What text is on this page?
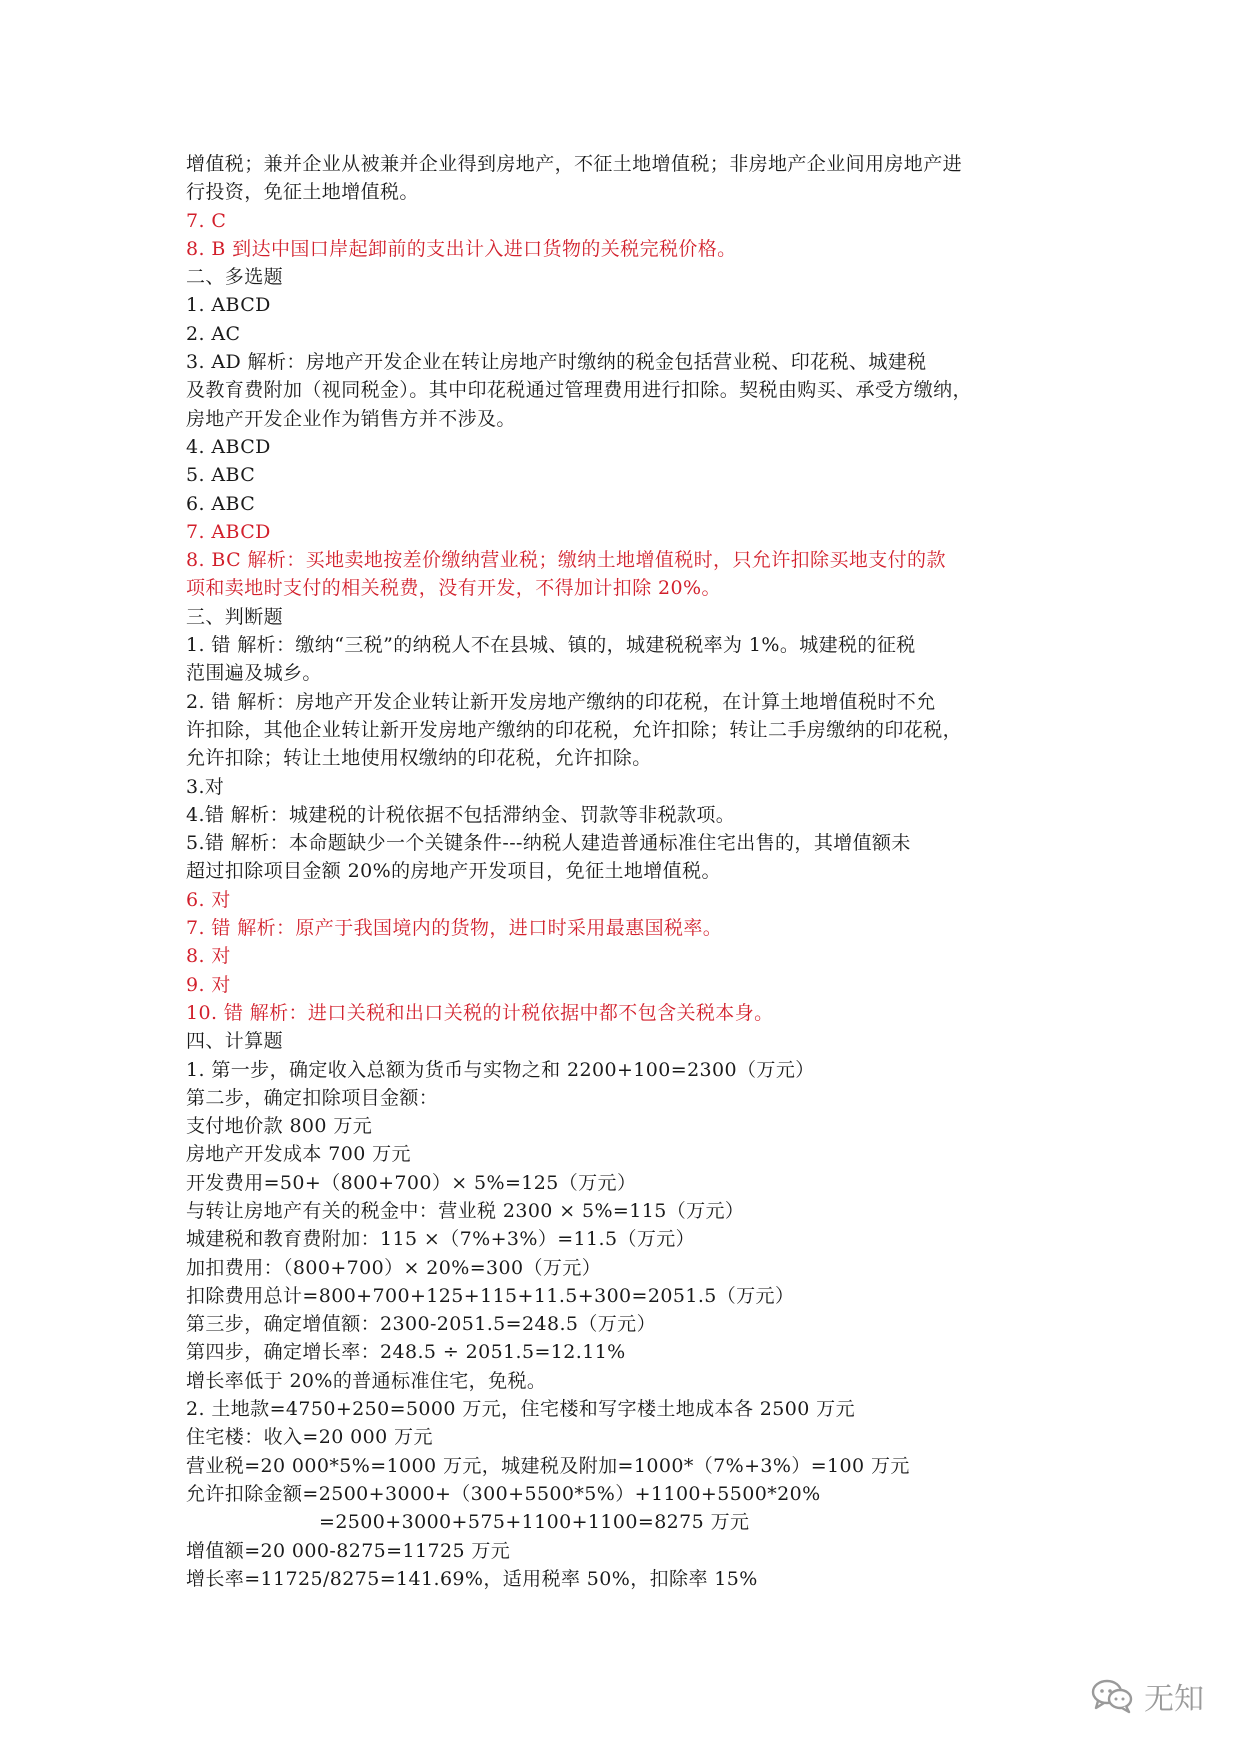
增值税；兼并企业从被兼并企业得到房地产，不征土地增值税；非房地产企业间用房地产进
行投资，免征土地增值税。
7. C
8. B 到达中国口岸起卸前的支出计入进口货物的关税完税价格。
二、多选题
1. ABCD
2. AC
3. AD 解析：房地产开发企业在转让房地产时缴纳的税金包括营业税、印花税、城建税
及教育费附加（视同税金）。其中印花税通过管理费用进行扣除。契税由购买、承受方缴纳，
房地产开发企业作为销售方并不涉及。
4. ABCD
5. ABC
6. ABC
7. ABCD
8. BC 解析：买地卖地按差价缴纳营业税；缴纳土地增值税时，只允许扣除买地支付的款
项和卖地时支付的相关税费，没有开发，不得加计扣除 20%。
三、判断题
1. 错 解析：缴纳“三税”的纳税人不在县城、镇的，城建税税率为 1%。城建税的征税
范围遍及城乡。
2. 错 解析：房地产开发企业转让新开发房地产缴纳的印花税，在计算土地增值税时不允
许扣除，其他企业转让新开发房地产缴纳的印花税，允许扣除；转让二手房缴纳的印花税，
允许扣除；转让土地使用权缴纳的印花税，允许扣除。
3.对
4.错 解析：城建税的计税依据不包括滞纳金、罚款等非税款项。
5.错 解析：本命题缺少一个关键条件---纳税人建造普通标准住宅出售的，其增值额未
超过扣除项目金额 20%的房地产开发项目，免征土地增值税。
6. 对
7. 错 解析：原产于我国境内的货物，进口时采用最惠国税率。
8. 对
9. 对
10. 错 解析：进口关税和出口关税的计税依据中都不包含关税本身。
四、计算题
1. 第一步，确定收入总额为货币与实物之和 2200+100=2300（万元）
第二步，确定扣除项目金额：
支付地价款 800 万元
房地产开发成本 700 万元
开发费用=50+（800+700）× 5%=125（万元）
与转让房地产有关的税金中：营业税 2300 × 5%=115（万元）
城建税和教育费附加：115 ×（7%+3%）=11.5（万元）
加扣费用：（800+700）× 20%=300（万元）
扣除费用总计=800+700+125+115+11.5+300=2051.5（万元）
第三步，确定增值额：2300-2051.5=248.5（万元）
第四步，确定增长率：248.5 ÷ 2051.5=12.11%
增长率低于 20%的普通标准住宅，免税。
2. 土地款=4750+250=5000 万元，住宅楼和写字楼土地成本各 2500 万元
住宅楼：收入=20 000 万元
营业税=20 000*5%=1000 万元，城建税及附加=1000*（7%+3%）=100 万元
允许扣除金额=2500+3000+（300+5500*5%）+1100+5500*20%
=2500+3000+575+1100+1100=8275 万元
增值额=20 000-8275=11725 万元
增长率=11725/8275=141.69%，适用税率 50%，扣除率 15%
无知
